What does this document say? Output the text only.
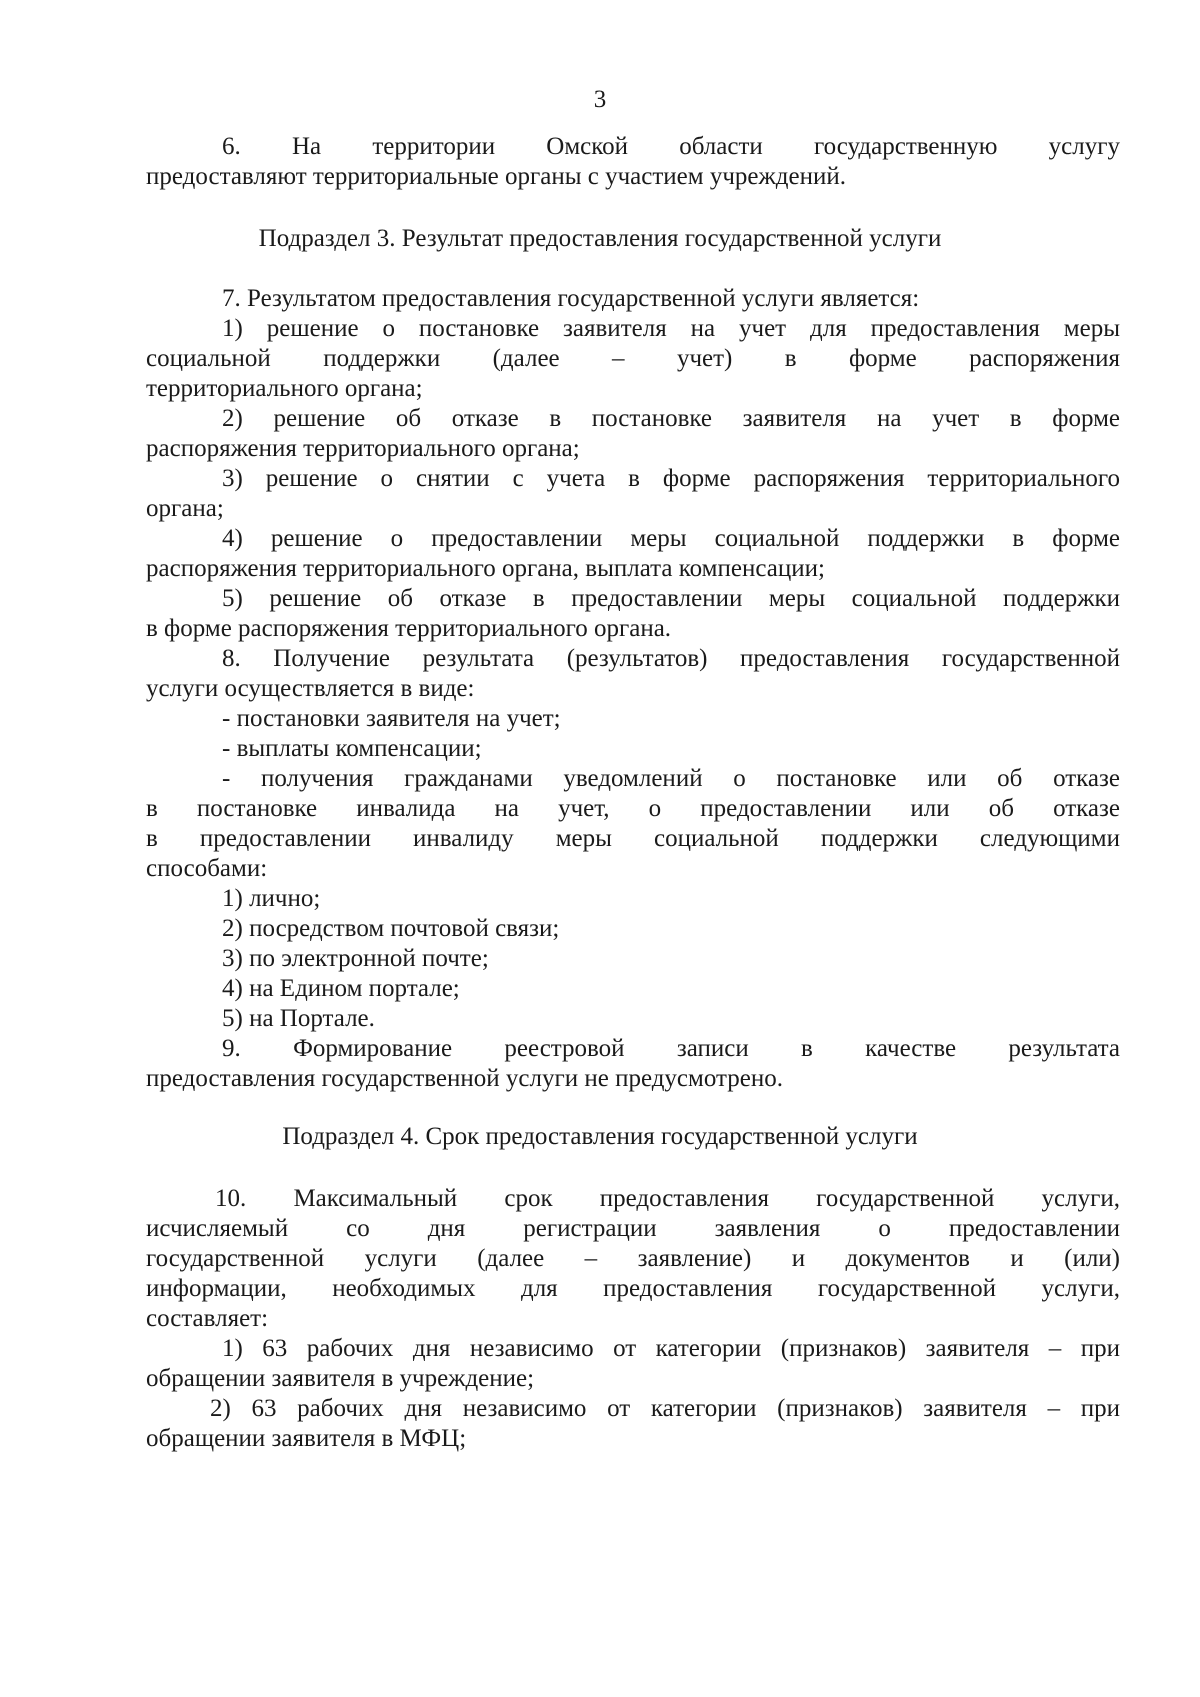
3
6. На территории Омской области государственную услугу
предоставляют территориальные органы с участием учреждений.
Подраздел 3. Результат предоставления государственной услуги
7. Результатом предоставления государственной услуги является:
1) решение о постановке заявителя на учет для предоставления меры
социальной поддержки (далее – учет) в форме распоряжения
территориального органа;
2) решение об отказе в постановке заявителя на учет в форме
распоряжения территориального органа;
3) решение о снятии с учета в форме распоряжения территориального
органа;
4) решение о предоставлении меры социальной поддержки в форме
распоряжения территориального органа, выплата компенсации;
5) решение об отказе в предоставлении меры социальной поддержки
в форме распоряжения территориального органа.
8. Получение результата (результатов) предоставления государственной
услуги осуществляется в виде:
- постановки заявителя на учет;
- выплаты компенсации;
- получения гражданами уведомлений о постановке или об отказе
в постановке инвалида на учет, о предоставлении или об отказе
в предоставлении инвалиду меры социальной поддержки следующими
способами:
1) лично;
2) посредством почтовой связи;
3) по электронной почте;
4) на Едином портале;
5) на Портале.
9. Формирование реестровой записи в качестве результата
предоставления государственной услуги не предусмотрено.
Подраздел 4. Срок предоставления государственной услуги
10. Максимальный срок предоставления государственной услуги,
исчисляемый со дня регистрации заявления о предоставлении
государственной услуги (далее – заявление) и документов и (или)
информации, необходимых для предоставления государственной услуги,
составляет:
1) 63 рабочих дня независимо от категории (признаков) заявителя – при
обращении заявителя в учреждение;
2) 63 рабочих дня независимо от категории (признаков) заявителя – при
обращении заявителя в МФЦ;
